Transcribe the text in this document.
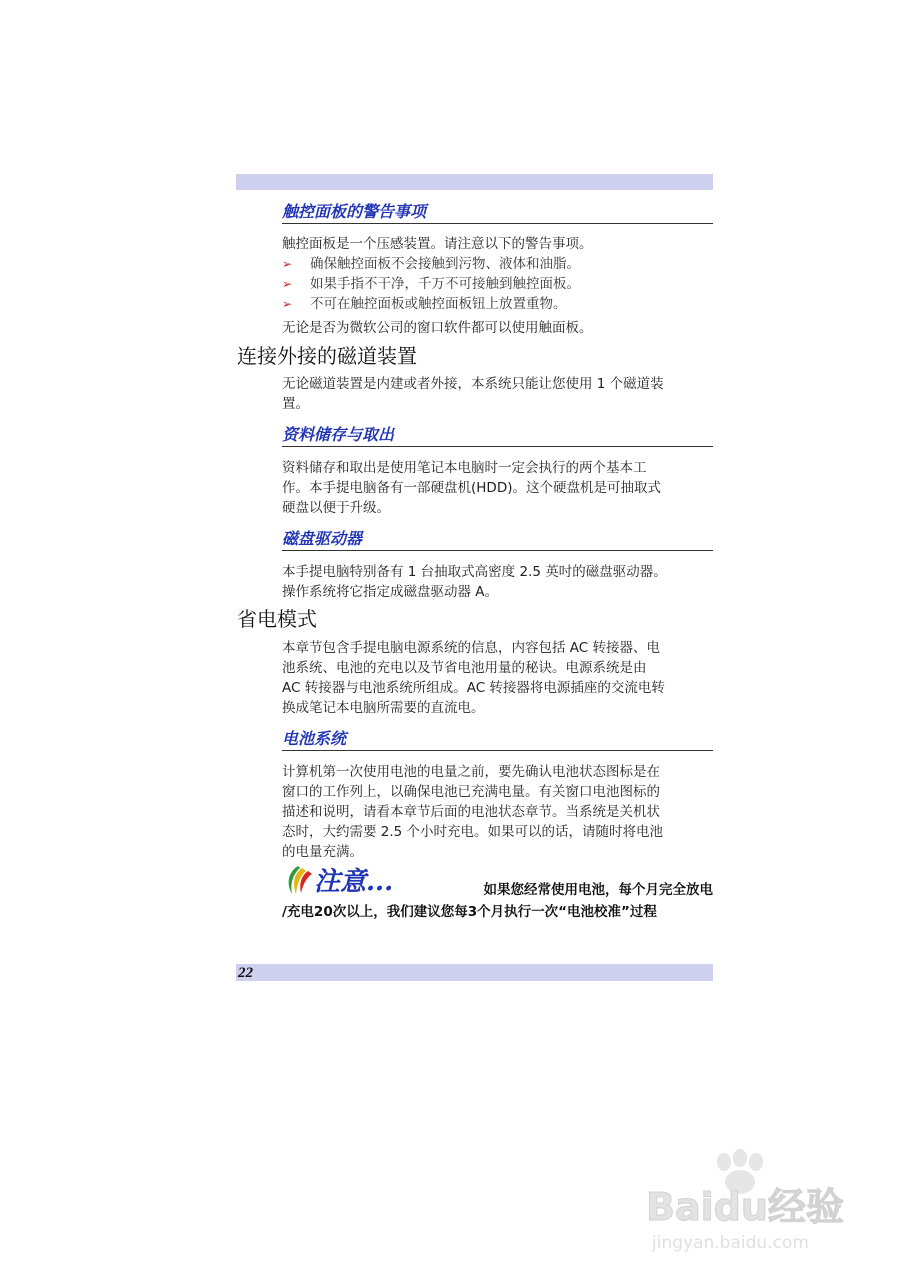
触控面板的警告事项
触控面板是一个压感装置。请注意以下的警告事项。
➢ 确保触控面板不会接触到污物、液体和油脂。
➢ 如果手指不干净，千万不可接触到触控面板。
➢ 不可在触控面板或触控面板钮上放置重物。
无论是否为微软公司的窗口软件都可以使用触面板。
连接外接的磁道装置
无论磁道装置是内建或者外接，本系统只能让您使用 1 个磁道装
置。
资料储存与取出
资料储存和取出是使用笔记本电脑时一定会执行的两个基本工
作。本手提电脑备有一部硬盘机(HDD)。这个硬盘机是可抽取式
硬盘以便于升级。
磁盘驱动器
本手提电脑特别备有 1 台抽取式高密度 2.5 英吋的磁盘驱动器。
操作系统将它指定成磁盘驱动器 A。
省电模式
本章节包含手提电脑电源系统的信息，内容包括 AC 转接器、电
池系统、电池的充电以及节省电池用量的秘诀。电源系统是由
AC 转接器与电池系统所组成。AC 转接器将电源插座的交流电转
换成笔记本电脑所需要的直流电。
电池系统
计算机第一次使用电池的电量之前，要先确认电池状态图标是在
窗口的工作列上，以确保电池已充满电量。有关窗口电池图标的
描述和说明，请看本章节后面的电池状态章节。当系统是关机状
态时，大约需要 2.5 个小时充电。如果可以的话，请随时将电池
的电量充满。
注意...	如果您经常使用电池，每个月完全放电
/充电20次以上，我们建议您每3个月执行一次“电池校准”过程
22
Baidu经验
jingyan.baidu.com
